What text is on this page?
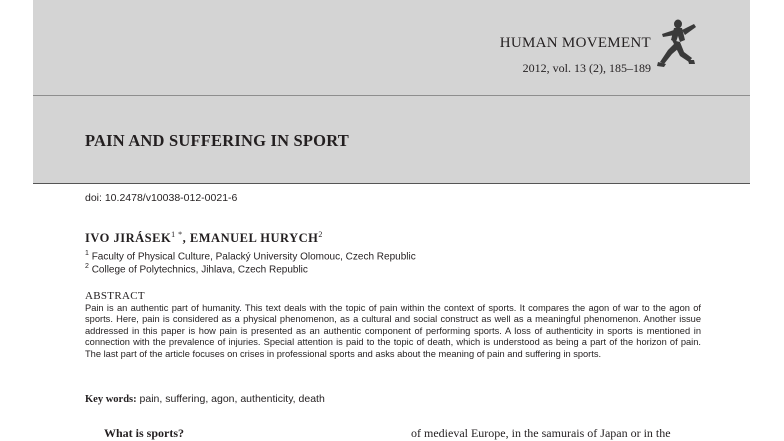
HUMAN MOVEMENT
2012, vol. 13 (2), 185–189
PAIN AND SUFFERING IN SPORT
doi: 10.2478/v10038-012-0021-6
IVO $JIRÁSEK^{1 *}$, EMANUEL HURYCH$^2$
$^1$ Faculty of Physical Culture, Palacký University Olomouc, Czech Republic
$^2$ College of Polytechnics, Jihlava, Czech Republic
ABSTRACT

Pain is an authentic part of humanity. This text deals with the topic of pain within the context of sports. It compares the agon of war to the agon of sports. Here, pain is considered as a physical phenomenon, as a cultural and social construct as well as a meaningful phenomenon. Another issue addressed in this paper is how pain is presented as an authentic component of performing sports. A loss of authenticity in sports is mentioned in connection with the prevalence of injuries. Special attention is paid to the topic of death, which is understood as being a part of the horizon of pain. The last part of the article focuses on crises in professional sports and asks about the meaning of pain and suffering in sports.

Key words: pain, suffering, agon, authenticity, death
What is sports?	of medieval Europe, in the samurais of Japan or in the
